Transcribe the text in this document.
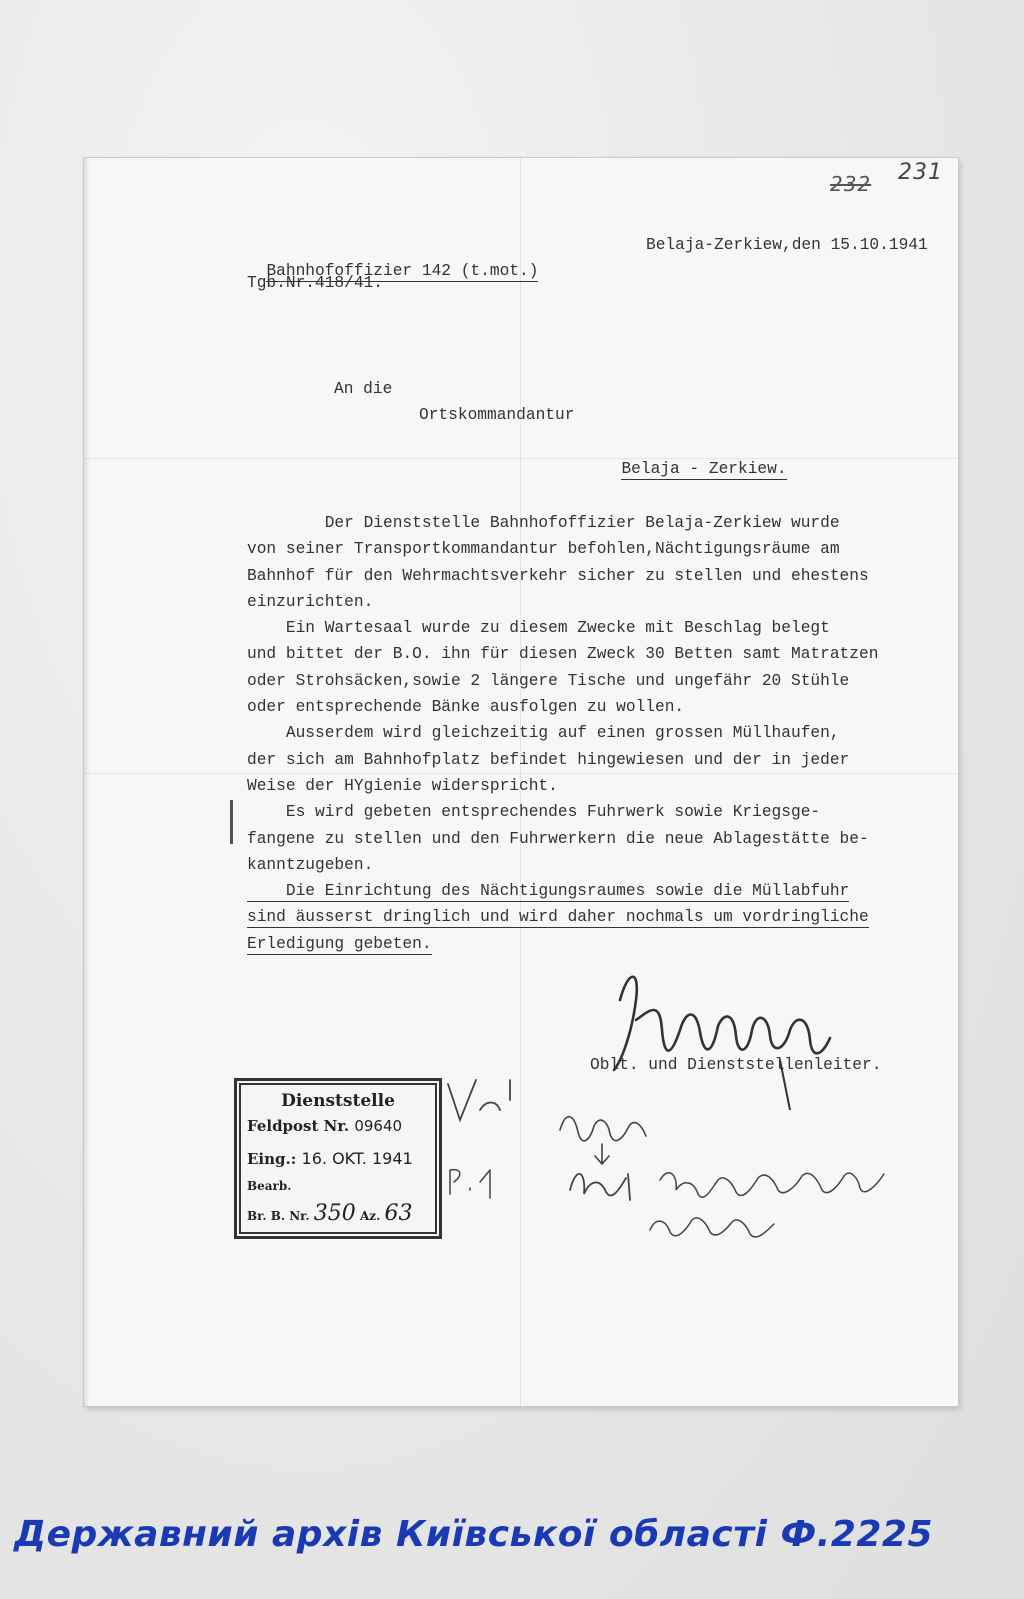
232 231

Bahnhofoffizier 142 (t.mot.)

Belaja-Zerkiew,den 15.10.1941
Tgb.Nr.418/41.
An die
Ortskommandantur

Belaja - Zerkiew.

Der Dienststelle Bahnhofoffizier Belaja-Zerkiew wurde

von seiner Transportkommandantur befohlen,Nächtigungsräume am

Bahnhof für den Wehrmachtsverkehr sicher zu stellen und ehestens

einzurichten.

Ein Wartesaal wurde zu diesem Zwecke mit Beschlag belegt

und bittet der B.O. ihn für diesen Zweck 30 Betten samt Matratzen

oder Strohsäcken,sowie 2 längere Tische und ungefähr 20 Stühle

oder entsprechende Bänke ausfolgen zu wollen.

Ausserdem wird gleichzeitig auf einen grossen Müllhaufen,

der sich am Bahnhofplatz befindet hingewiesen und der in jeder

Weise der HYgienie widerspricht.

Es wird gebeten entsprechendes Fuhrwerk sowie Kriegsge-

fangene zu stellen und den Fuhrwerkern die neue Ablagestätte be-

kanntzugeben.

Die Einrichtung des Nächtigungsraumes sowie die Müllabfuhr

sind äusserst dringlich und wird daher nochmals um vordringliche

Erledigung gebeten.

Oblt. und Dienststellenleiter.
Dienststelle
Feldpost Nr. 09640
Eing.: 16. OKT. 1941
Bearb.
Br. B. Nr. 350 Az. 63
Державний архів Київської області Ф.2225
